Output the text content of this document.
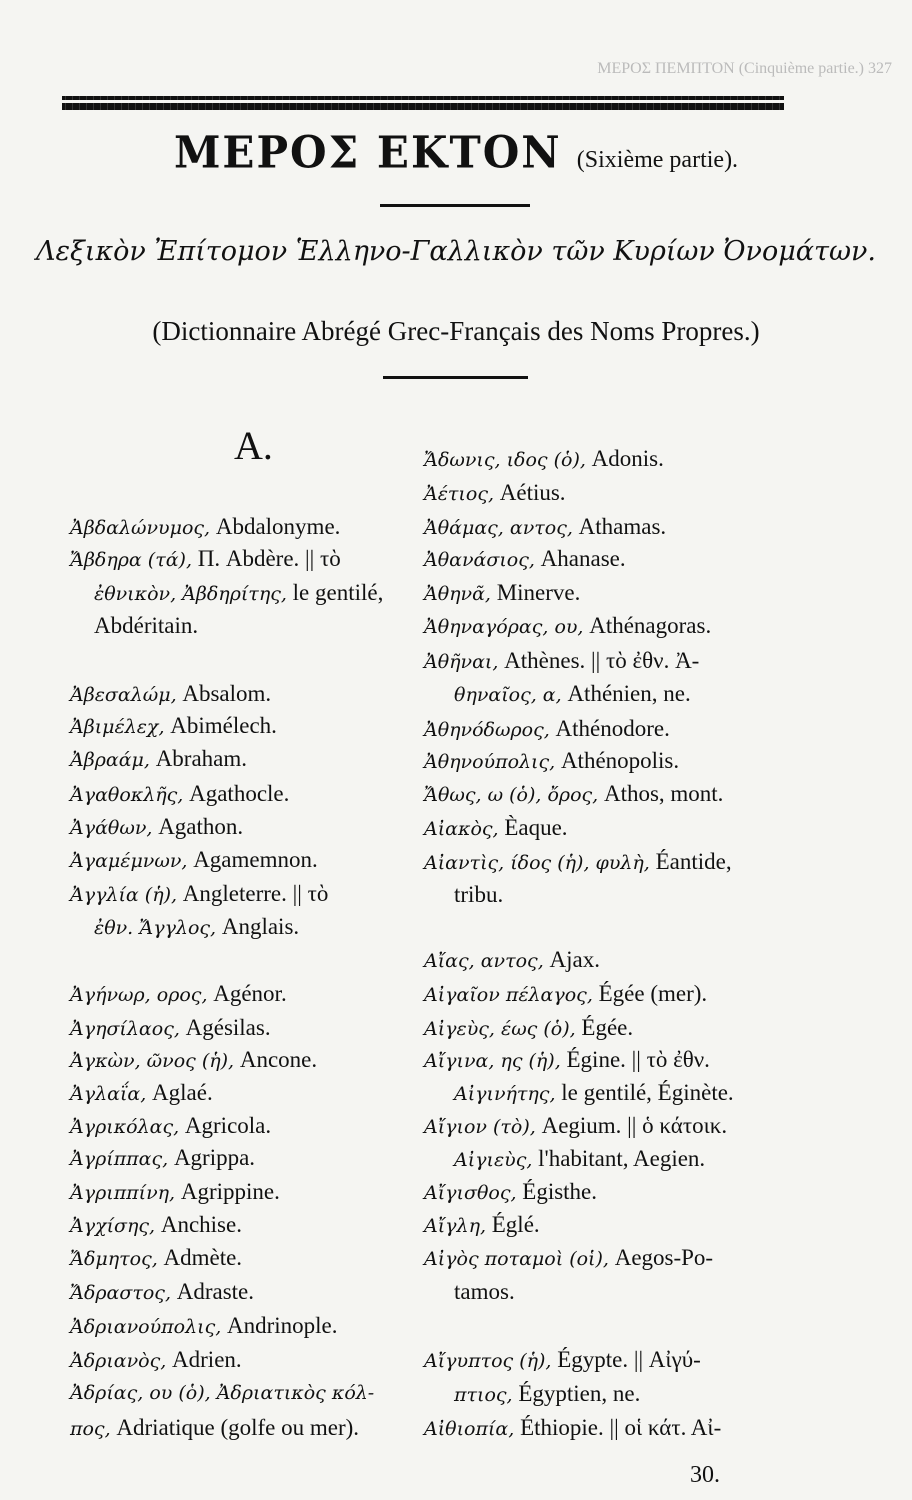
ΜΕΡΟΣ ΠΕΜΠΤΟΝ (Cinquième partie.) 327
ΜΕΡΟΣ ΕΚΤΟΝ (Sixième partie).
Λεξικὸν Ἐπίτομον Ἑλληνο-Γαλλικὸν τῶν Κυρίων Ὀνομάτων.
(Dictionnaire Abrégé Grec-Français des Noms Propres.)
A.
Ἀβδαλώνυμος, Abdalonyme.
Ἄβδηρα (τά), Π. Abdère. || τὸ
ἐθνικὸν, Ἀβδηρίτης, le gentilé,
Abdéritain.
Ἀβεσαλώμ, Absalom.
Ἀβιμέλεχ, Abimélech.
Ἀβραάμ, Abraham.
Ἀγαθοκλῆς, Agathocle.
Ἀγάθων, Agathon.
Ἀγαμέμνων, Agamemnon.
Ἀγγλία (ἡ), Angleterre. || τὸ
ἐθν. Ἄγγλος, Anglais.
Ἀγήνωρ, ορος, Agénor.
Ἀγησίλαος, Agésilas.
Ἀγκὼν, ῶνος (ἡ), Ancone.
Ἀγλαΐα, Aglaé.
Ἀγρικόλας, Agricola.
Ἀγρίππας, Agrippa.
Ἀγριππίνη, Agrippine.
Ἀγχίσης, Anchise.
Ἄδμητος, Admète.
Ἄδραστος, Adraste.
Ἀδριανούπολις, Andrinople.
Ἀδριανὸς, Adrien.
Ἀδρίας, ου (ὁ), Ἀδριατικὸς κόλ-
πος, Adriatique (golfe ou mer).
Ἄδωνις, ιδος (ὁ), Adonis.
Ἀέτιος, Aétius.
Ἀθάμας, αντος, Athamas.
Ἀθανάσιος, Ahanase.
Ἀθηνᾶ, Minerve.
Ἀθηναγόρας, ου, Athénagoras.
Ἀθῆναι, Athènes. || τὸ ἐθν. Ἀ-
θηναῖος, α, Athénien, ne.
Ἀθηνόδωρος, Athénodore.
Ἀθηνούπολις, Athénopolis.
Ἄθως, ω (ὁ), ὄρος, Athos, mont.
Αἰακὸς, Èaque.
Αἰαντὶς, ίδος (ἡ), φυλὴ, Éantide,
tribu.
Αἴας, αντος, Ajax.
Αἰγαῖον πέλαγος, Égée (mer).
Αἰγεὺς, έως (ὁ), Égée.
Αἴγινα, ης (ἡ), Égine. || τὸ ἐθν.
Αἰγινήτης, le gentilé, Éginète.
Αἴγιον (τὸ), Aegium. || ὁ κάτοικ.
Αἰγιεὺς, l'habitant, Aegien.
Αἴγισθος, Égisthe.
Αἴγλη, Églé.
Αἰγὸς ποταμοὶ (οἱ), Aegos-Po-
tamos.
Αἴγυπτος (ἡ), Égypte. || Αἰγύ-
πτιος, Égyptien, ne.
Αἰθιοπία, Éthiopie. || οἱ κάτ. Αἰ-
30.
